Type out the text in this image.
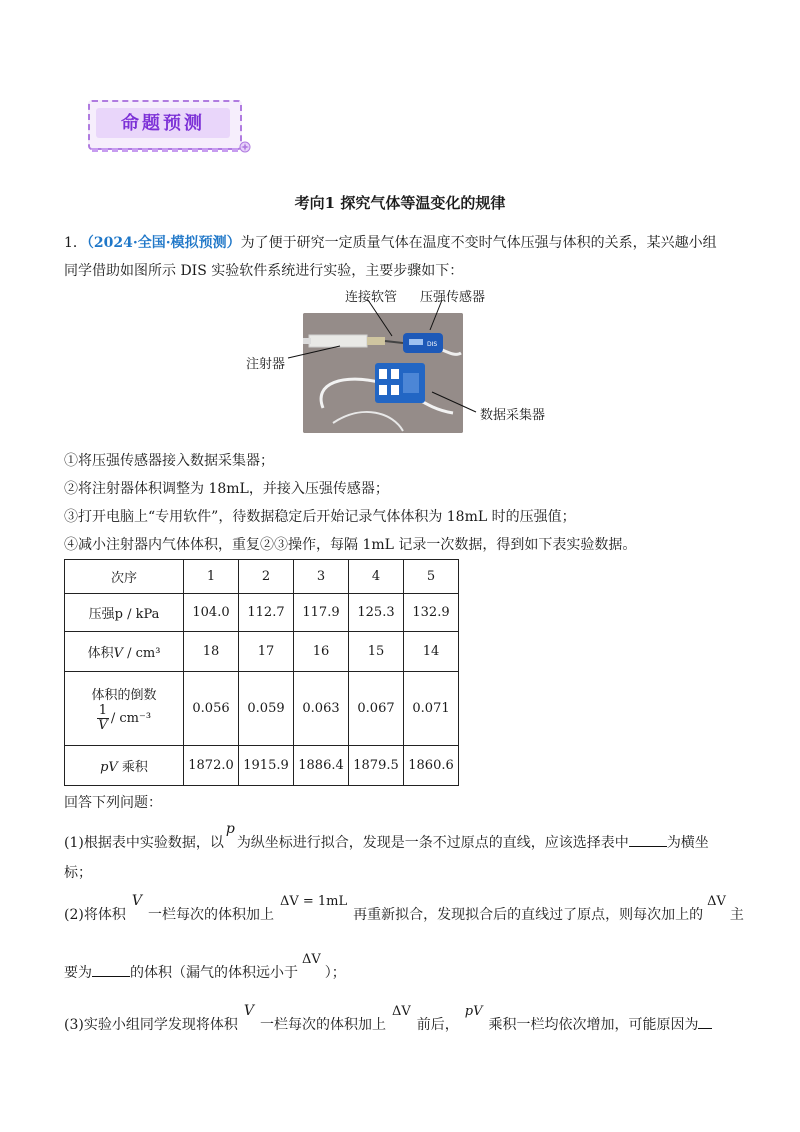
命题预测
考向1 探究气体等温变化的规律
1．（2024·全国·模拟预测）为了便于研究一定质量气体在温度不变时气体压强与体积的关系，某兴趣小组
同学借助如图所示 DIS 实验软件系统进行实验，主要步骤如下：
DIS
连接软管 压强传感器
注射器
数据采集器
①将压强传感器接入数据采集器；
②将注射器体积调整为 18mL，并接入压强传感器；
③打开电脑上“专用软件”，待数据稳定后开始记录气体体积为 18mL 时的压强值；
④减小注射器内气体体积，重复②③操作，每隔 1mL 记录一次数据，得到如下表实验数据。
次序	1	2	3	4	5
压强p / kPa	104.0	112.7	117.9	125.3	132.9
体积V / cm³	18	17	16	15	14

体积的倒数
1
V / cm⁻³	0.056	0.059	0.063	0.067	0.071
pV 乘积	1872.0	1915.9	1886.4	1879.5	1860.6
回答下列问题：
(1)根据表中实验数据，以p为纵坐标进行拟合，发现是一条不过原点的直线，应该选择表中	为横坐
标；
(2)将体积V一栏每次的体积加上ΔV = 1mL再重新拟合，发现拟合后的直线过了原点，则每次加上的ΔV主
要为	的体积（漏气的体积远小于ΔV）；
(3)实验小组同学发现将体积V一栏每次的体积加上ΔV前后，pV乘积一栏均依次增加，可能原因为
